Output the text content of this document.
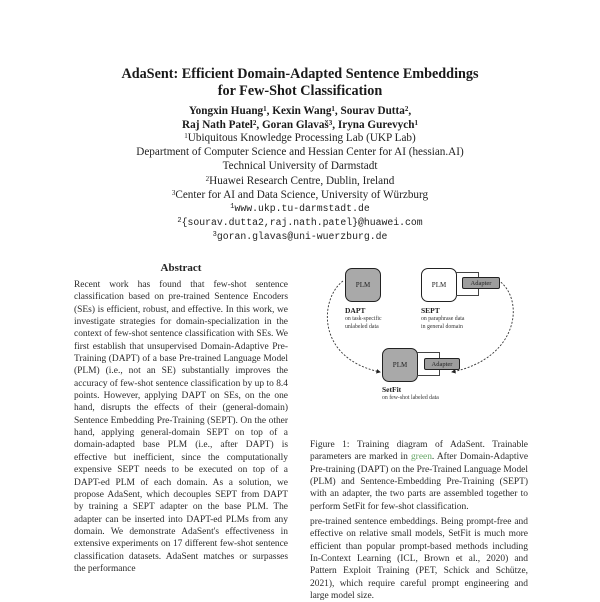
AdaSent: Efficient Domain-Adapted Sentence Embeddings
for Few-Shot Classification
Yongxin Huang$^1$, Kexin Wang$^1$, Sourav Dutta$^2$,
Raj Nath Patel$^2$, Goran Glavaš$^3$, Iryna Gurevych$^1$
$^1$Ubiquitous Knowledge Processing Lab (UKP Lab)
Department of Computer Science and Hessian Center for AI (hessian.AI)
Technical University of Darmstadt
$^2$Huawei Research Centre, Dublin, Ireland
$^3$Center for AI and Data Science, University of Würzburg
$^1$www.ukp.tu-darmstadt.de
$^2${sourav.dutta2,raj.nath.patel}@huawei.com
$^3$goran.glavas@uni-wuerzburg.de
Abstract
Recent work has found that few-shot sentence classification based on pre-trained Sentence Encoders (SEs) is efficient, robust, and effective. In this work, we investigate strategies for domain-specialization in the context of few-shot sentence classification with SEs. We first establish that unsupervised Domain-Adaptive Pre-Training (DAPT) of a base Pre-trained Language Model (PLM) (i.e., not an SE) substantially improves the accuracy of few-shot sentence classification by up to 8.4 points. However, applying DAPT on SEs, on the one hand, disrupts the effects of their (general-domain) Sentence Embedding Pre-Training (SEPT). On the other hand, applying general-domain SEPT on top of a domain-adapted base PLM (i.e., after DAPT) is effective but inefficient, since the computationally expensive SEPT needs to be executed on top of a DAPT-ed PLM of each domain. As a solution, we propose AdaSent, which decouples SEPT from DAPT by training a SEPT adapter on the base PLM. The adapter can be inserted into DAPT-ed PLMs from any domain. We demonstrate AdaSent's effectiveness in extensive experiments on 17 different few-shot sentence classification datasets. AdaSent matches or surpasses the performance
PLM
DAPT
on task-specific
unlabeled data
PLM	Adapter
SEPT
on paraphrase data
in general domain
PLM	Adapter
SetFit
on few-shot labeled data
Figure 1: Training diagram of AdaSent. Trainable parameters are marked in green. After Domain-Adaptive Pre-training (DAPT) on the Pre-Trained Language Model (PLM) and Sentence-Embedding Pre-Training (SEPT) with an adapter, the two parts are assembled together to perform SetFit for few-shot classification.
pre-trained sentence embeddings. Being prompt-free and effective on relative small models, SetFit is much more efficient than popular prompt-based methods including In-Context Learning (ICL, Brown et al., 2020) and Pattern Exploit Training (PET, Schick and Schütze, 2021), which require careful prompt engineering and large model size.
